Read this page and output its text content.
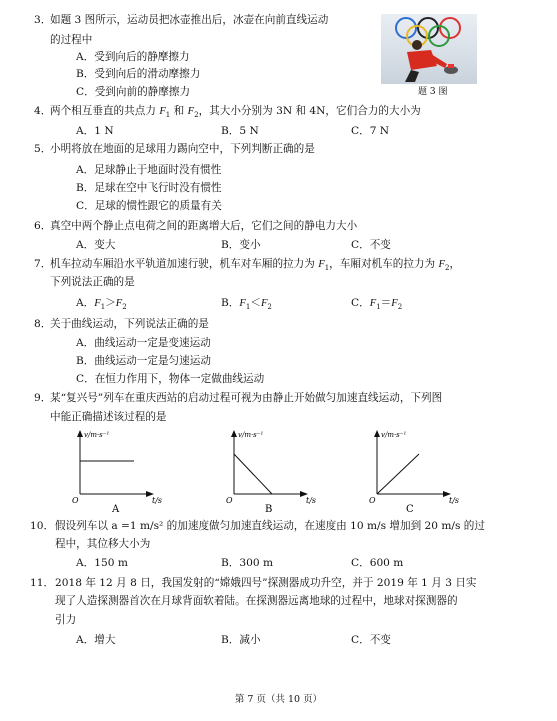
3．
如题 3 图所示，运动员把冰壶推出后，冰壶在向前直线运动
的过程中
A．受到向后的静摩擦力
B．受到向后的滑动摩擦力
C．受到向前的静摩擦力	题 3 图
4．
两个相互垂直的共点力 $F_1$ 和 $F_2$，其大小分别为 3N 和 4N，它们合力的大小为
A．1 N	B．5 N	C．7 N
5．
小明将放在地面的足球用力踢向空中，下列判断正确的是
A．足球静止于地面时没有惯性
B．足球在空中飞行时没有惯性
C．足球的惯性跟它的质量有关
6．
真空中两个静止点电荷之间的距离增大后，它们之间的静电力大小
A．变大	B．变小	C．不变
7．
机车拉动车厢沿水平轨道加速行驶，机车对车厢的拉力为 $F_1$，车厢对机车的拉力为 $F_2$，
下列说法正确的是
A．$F_1>F_2$	B．$F_1<F_2$	C．$F_1=F_2$
8．
关于曲线运动，下列说法正确的是
A．曲线运动一定是变速运动
B．曲线运动一定是匀速运动
C．在恒力作用下，物体一定做曲线运动
9．
某“复兴号”列车在重庆西站的启动过程可视为由静止开始做匀加速直线运动，下列图
中能正确描述该过程的是
v/m·s⁻¹
t/s
O
A
v/m·s⁻¹
t/s
O
B
v/m·s⁻¹
t/s
O
C
10． 假设列车以 a =1 m/s² 的加速度做匀加速直线运动，在速度由 10 m/s 增加到 20 m/s 的过
程中，其位移大小为
A．150 m	B．300 m	C．600 m
11． 2018 年 12 月 8 日，我国发射的“嫦娥四号”探测器成功升空，并于 2019 年 1 月 3 日实
现了人造探测器首次在月球背面软着陆。在探测器远离地球的过程中，地球对探测器的
引力
A．增大	B．减小	C．不变
第 7 页（共 10 页）
